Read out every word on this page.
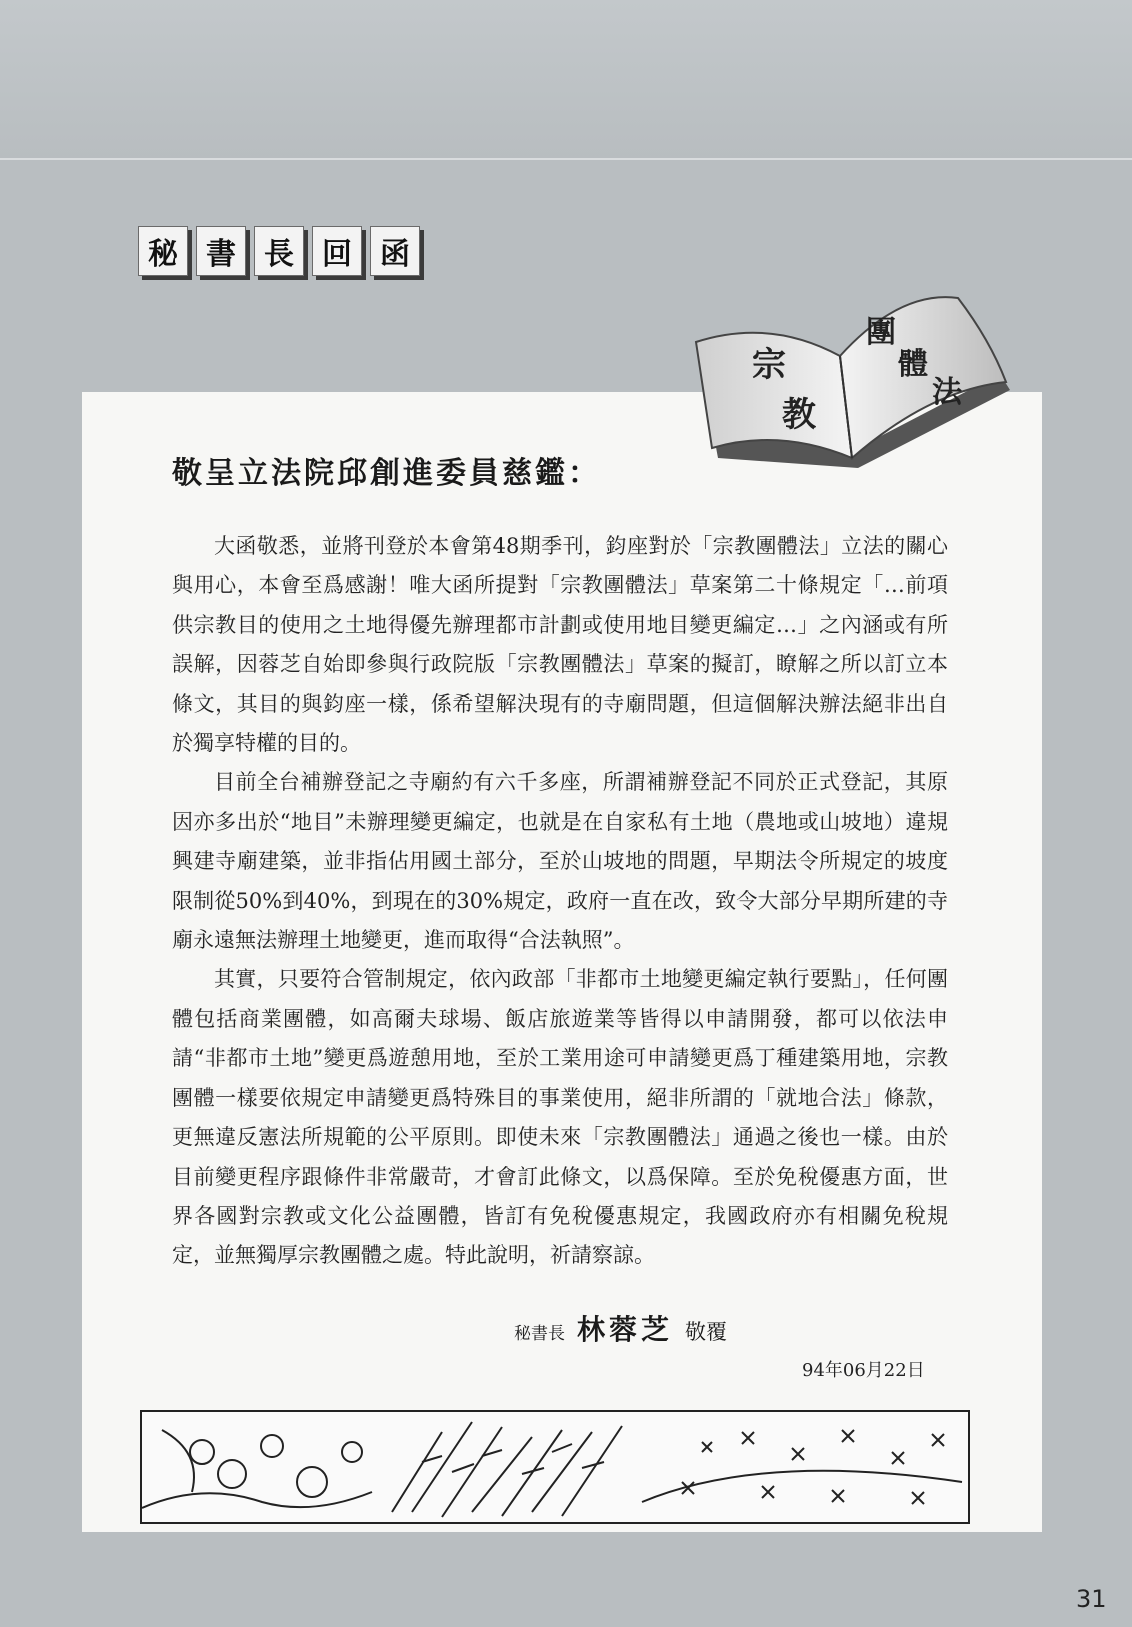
秘 書 長 回 函
宗
教
團
體
法
敬呈立法院邱創進委員慈鑑：

大函敬悉，並將刊登於本會第48期季刊，鈞座對於「宗教團體法」立法的關心與用心，本會至爲感謝！唯大函所提對「宗教團體法」草案第二十條規定「…前項供宗教目的使用之土地得優先辦理都市計劃或使用地目變更編定…」之內涵或有所誤解，因蓉芝自始即參與行政院版「宗教團體法」草案的擬訂，瞭解之所以訂立本條文，其目的與鈞座一樣，係希望解決現有的寺廟問題，但這個解決辦法絕非出自於獨享特權的目的。

目前全台補辦登記之寺廟約有六千多座，所謂補辦登記不同於正式登記，其原因亦多出於“地目”未辦理變更編定，也就是在自家私有土地（農地或山坡地）違規興建寺廟建築，並非指佔用國土部分，至於山坡地的問題，早期法令所規定的坡度限制從50%到40%，到現在的30%規定，政府一直在改，致令大部分早期所建的寺廟永遠無法辦理土地變更，進而取得“合法執照”。

其實，只要符合管制規定，依內政部「非都市土地變更編定執行要點」，任何團體包括商業團體，如高爾夫球場、飯店旅遊業等皆得以申請開發，都可以依法申請“非都市土地”變更爲遊憩用地，至於工業用途可申請變更爲丁種建築用地，宗教團體一樣要依規定申請變更爲特殊目的事業使用，絕非所謂的「就地合法」條款，更無違反憲法所規範的公平原則。即使未來「宗教團體法」通過之後也一樣。由於目前變更程序跟條件非常嚴苛，才會訂此條文，以爲保障。至於免稅優惠方面，世界各國對宗教或文化公益團體，皆訂有免稅優惠規定，我國政府亦有相關免稅規定，並無獨厚宗教團體之處。特此說明，祈請察諒。

秘書長 林蓉芝 敬覆
94年06月22日
31
